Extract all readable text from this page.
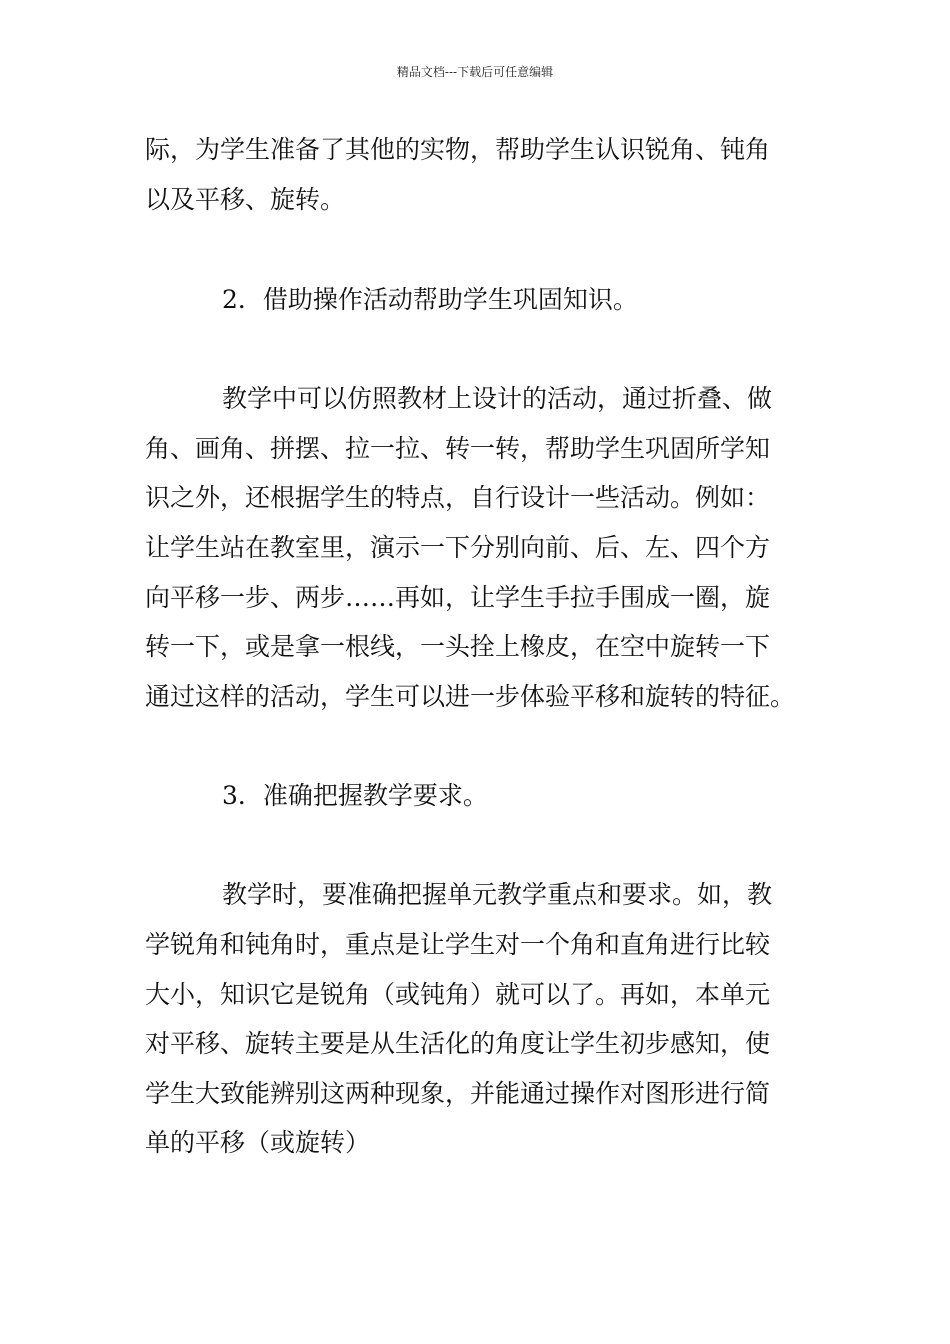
精品文档---下载后可任意编辑
际，为学生准备了其他的实物，帮助学生认识锐角、钝角
以及平移、旋转。
2．借助操作活动帮助学生巩固知识。
教学中可以仿照教材上设计的活动，通过折叠、做
角、画角、拼摆、拉一拉、转一转，帮助学生巩固所学知
识之外，还根据学生的特点，自行设计一些活动。例如：
让学生站在教室里，演示一下分别向前、后、左、四个方
向平移一步、两步……再如，让学生手拉手围成一圈，旋
转一下，或是拿一根线，一头拴上橡皮，在空中旋转一下
通过这样的活动，学生可以进一步体验平移和旋转的特征。
3．准确把握教学要求。
教学时，要准确把握单元教学重点和要求。如，教
学锐角和钝角时，重点是让学生对一个角和直角进行比较
大小，知识它是锐角（或钝角）就可以了。再如，本单元
对平移、旋转主要是从生活化的角度让学生初步感知，使
学生大致能辨别这两种现象，并能通过操作对图形进行简
单的平移（或旋转）
